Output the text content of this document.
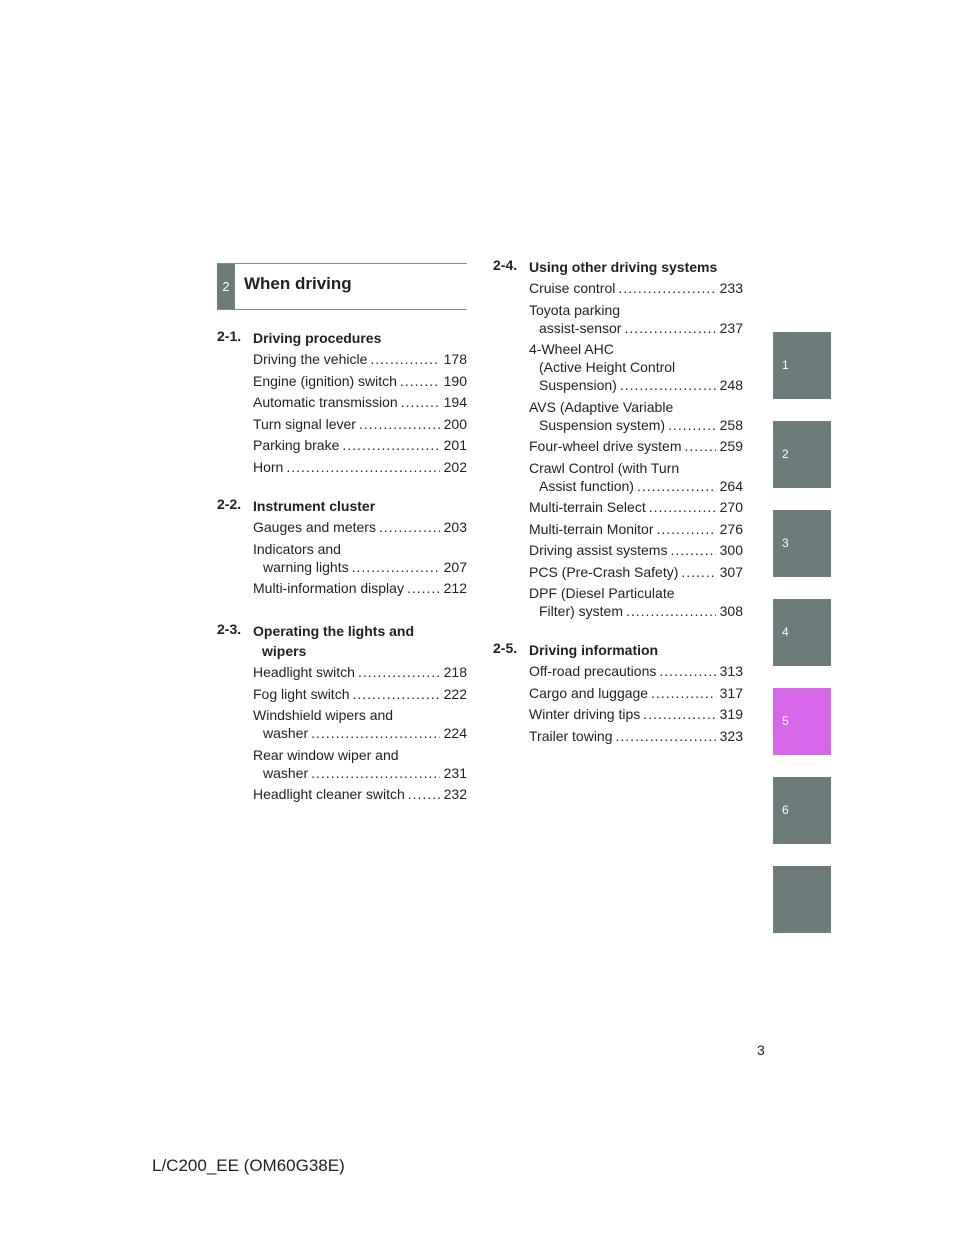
2 When driving
2-1. Driving procedures
Driving the vehicle .....	178
Engine (ignition) switch .....	190
Automatic transmission .....	194
Turn signal lever .....	200
Parking brake .....	201
Horn .....	202
2-2. Instrument cluster
Gauges and meters .....	203
Indicators and
warning lights .....	207
Multi-information display .....	212
2-3. Operating the lights and
wipers
Headlight switch .....	218
Fog light switch .....	222
Windshield wipers and
washer .....	224
Rear window wiper and
washer .....	231
Headlight cleaner switch .....	232
2-4. Using other driving systems
Cruise control .....	233
Toyota parking
assist-sensor .....	237
4-Wheel AHC
(Active Height Control
Suspension) .....	248
AVS (Adaptive Variable
Suspension system) .....	258
Four-wheel drive system .....	259
Crawl Control (with Turn
Assist function) .....	264
Multi-terrain Select .....	270
Multi-terrain Monitor .....	276
Driving assist systems .....	300
PCS (Pre-Crash Safety) .....	307
DPF (Diesel Particulate
Filter) system .....	308
2-5. Driving information
Off-road precautions .....	313
Cargo and luggage .....	317
Winter driving tips .....	319
Trailer towing .....	323
1
2
3
4
5
6
3
L/C200_EE (OM60G38E)
